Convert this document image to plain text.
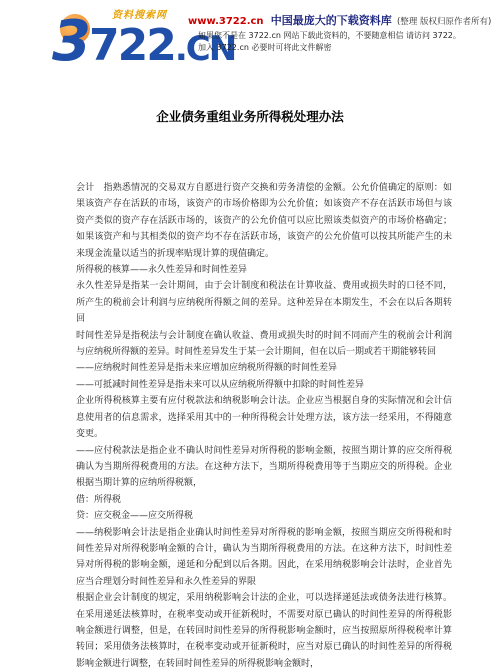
资料搜索网
3722.CN
www.3722.cn 中国最庞大的下载资料库 (整理 版权归原作者所有)
如果您不是在 3722.cn 网站下载此资料的，不要随意相信 请访问 3722。加入 3722.cn 必要时可将此文件解密
企业债务重组业务所得税处理办法

会计　指熟悉情况的交易双方自愿进行资产交换和劳务清偿的金额。公允价值确定的原则：如果该资产存在活跃的市场，该资产的市场价格即为公允价值；如该资产不存在活跃市场但与该资产类似的资产存在活跃市场的，该资产的公允价值可以应比照该类似资产的市场价格确定；如果该资产和与其相类似的资产均不存在活跃市场，该资产的公允价值可以按其所能产生的未来现金流量以适当的折现率贴现计算的现值确定。

所得税的核算——永久性差异和时间性差异

永久性差异是指某一会计期间，由于会计制度和税法在计算收益、费用或损失时的口径不同，所产生的税前会计利润与应纳税所得额之间的差异。这种差异在本期发生，不会在以后各期转回

时间性差异是指税法与会计制度在确认收益、费用或损失时的时间不同而产生的税前会计利润与应纳税所得额的差异。时间性差异发生于某一会计期间，但在以后一期或若干期能够转回

——应纳税时间性差异是指未来应增加应纳税所得额的时间性差异

——可抵减时间性差异是指未来可以从应纳税所得额中扣除的时间性差异

企业所得税核算主要有应付税款法和纳税影响会计法。企业应当根据自身的实际情况和会计信息使用者的信息需求，选择采用其中的一种所得税会计处理方法，该方法一经采用，不得随意变更。

——应付税款法是指企业不确认时间性差异对所得税的影响金额，按照当期计算的应交所得税确认为当期所得税费用的方法。在这种方法下，当期所得税费用等于当期应交的所得税。企业根据当期计算的应纳所得税额，

借：所得税

贷：应交税金——应交所得税

——纳税影响会计法是指企业确认时间性差异对所得税的影响金额，按照当期应交所得税和时间性差异对所得税影响金额的合计，确认为当期所得税费用的方法。在这种方法下，时间性差异对所得税的影响金额，递延和分配到以后各期。因此，在采用纳税影响会计法时，企业首先应当合理划分时间性差异和永久性差异的界限

根据企业会计制度的规定，采用纳税影响会计法的企业，可以选择递延法或债务法进行核算。在采用递延法核算时，在税率变动或开征新税时，不需要对原已确认的时间性差异的所得税影响金额进行调整，但是，在转回时间性差异的所得税影响金额时，应当按照原所得税税率计算转回；采用债务法核算时，在税率变动或开征新税时，应当对原已确认的时间性差异的所得税影响金额进行调整，在转回时间性差异的所得税影响金额时，
